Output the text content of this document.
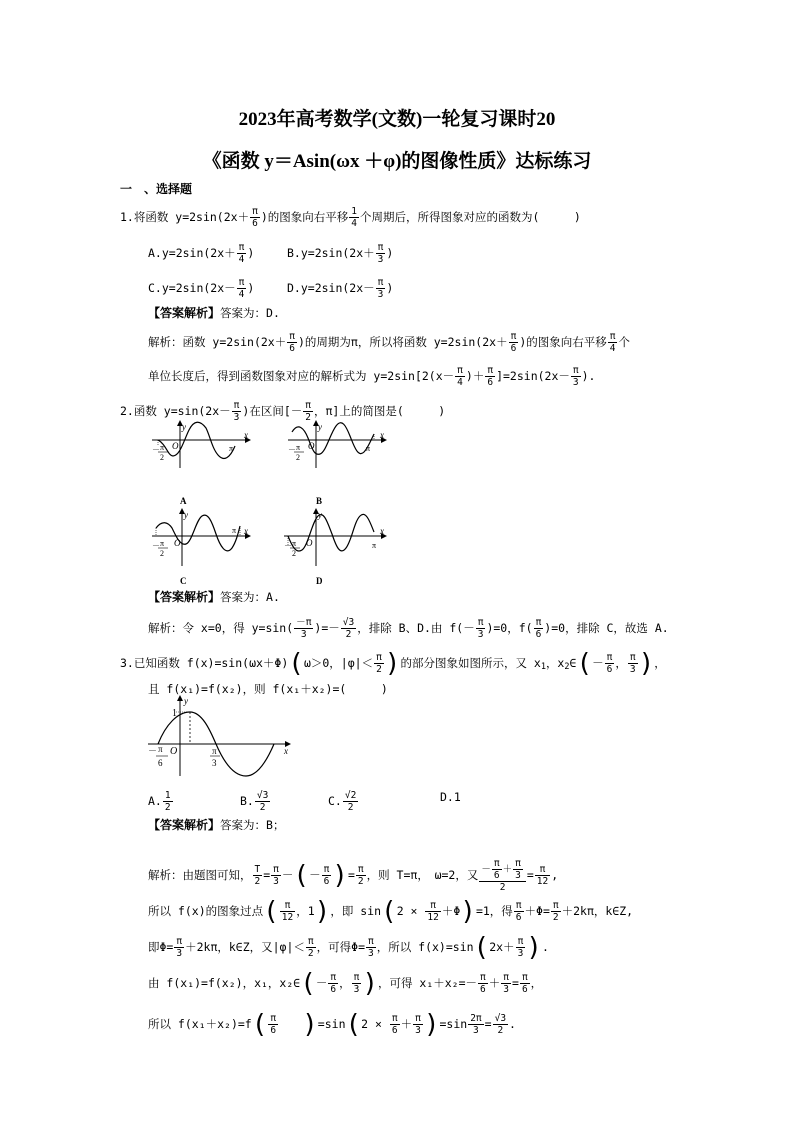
2023年高考数学(文数)一轮复习课时20
《函数 y＝Asin(ωx ＋φ)的图像性质》达标练习
一　、选择题
1.将函数 $y=2\sin(2x+ \frac{\pi}{6}$ )的图象向右平移 $\frac{1}{4}$ 个周期后，所得图象对应的函数为(　　　)
$A.y=2\sin(2x+ \frac{\pi}{4}$ )	$B.y=2\sin(2x+ \frac{\pi}{3}$ )
$C.y=2\sin(2x- \frac{\pi}{4}$ )	$D.y=2\sin(2x- \frac{\pi}{3}$ )
【答案解析】答案为：D.
解析：函数 $y=2\sin(2x+ \frac{\pi}{6}$ )的周期为π，所以将函数 $y=2\sin(2x+ \frac{\pi}{6}$ )的图象向右平移 $\frac{\pi}{4}$ 个
单位长度后，得到函数图象对应的解析式为 $y=2\sin[2(x- \frac{\pi}{4}$ )＋ $\frac{\pi}{6} ]=2\sin(2x- \frac{\pi}{3}$ ).
2.函数 $y=\sin(2x- \frac{\pi}{3}$ )在区间[－ $\frac{\pi}{2}$ ，π]上的简图是(　　　)
y
x
O	π
－ π
2
A
y
x
O	π
－ π
2
B
y
x
O
π
－ π
2
C
y
x
O	π
－ π
2
D
【答案解析】答案为：A.
解析：令 x=0，得 $y=\sin( \frac{-\pi}{3}$ )=－ $\frac{√3}{2}$ ，排除 B、D.由 $f(- \frac{\pi}{3} )=0$，$f( \frac{\pi}{6} )=0$，排除 C，故选 A.
3.已知函数 f(x)=sin(ωx＋Φ)(ω＞0，$|\varphi|< \frac{\pi}{2}$ )的部分图象如图所示，又 x1，x2∈(－ $\frac{\pi}{6}$ ， $\frac{\pi}{3}$ )，
且 f(x₁)=f(x₂)，则 f(x₁＋x₂)=(　　　)
y
x
O
1
－ π
6
π
3
A. $\frac{1}{2}$	B. $\frac{√3}{2}$	C. $\frac{√2}{2}$	D.1
【答案解析】答案为：B；
解析：由题图可知， $\frac{T}{2} = \frac{\pi}{3}$ －(－ $\frac{\pi}{6}$ )= $\frac{\pi}{2}$ ，则 T=π，　ω=2，又 $\frac{- \frac{\pi}{6} + \frac{\pi}{3}}{2} = \frac{\pi}{12}$ ,
所以 f(x)的图象过点( $\frac{\pi}{12}$ ，1)，即 $\sin(2 \times \frac{\pi}{12} +\Phi)=1$，得 $\frac{\pi}{6} +\Phi= \frac{\pi}{2} +2k\pi$，k∈Z,
即$\Phi= \frac{\pi}{3} +2k\pi$，k∈Z，又$|\varphi|< \frac{\pi}{2}$ ，可得$\Phi= \frac{\pi}{3}$ ，所以 $f(x)=\sin(2x+ \frac{\pi}{3}$ ).
由 f(x₁)=f(x₂)，x₁，x₂∈(－ $\frac{\pi}{6}$ ， $\frac{\pi}{3}$ )，可得 $x_1+x_2=- \frac{\pi}{6} + \frac{\pi}{3} = \frac{\pi}{6}$ ，
所以 $f(x_1+x_2)=f( \frac{\pi}{6}$
　　 )$=\sin(2 \times \frac{\pi}{6} + \frac{\pi}{3} )=\sin \frac{2\pi}{3} = \frac{√3}{2}$ .
